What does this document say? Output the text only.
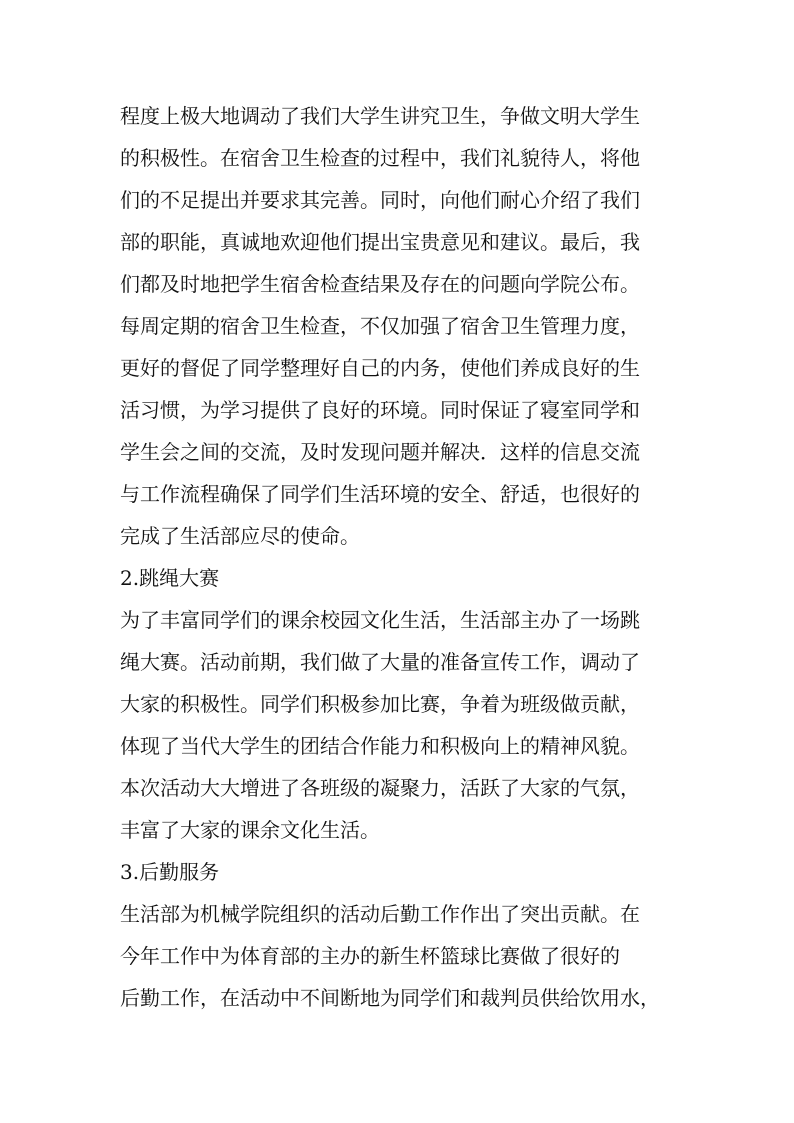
程度上极大地调动了我们大学生讲究卫生，争做文明大学生
的积极性。在宿舍卫生检查的过程中，我们礼貌待人，将他
们的不足提出并要求其完善。同时，向他们耐心介绍了我们
部的职能，真诚地欢迎他们提出宝贵意见和建议。最后，我
们都及时地把学生宿舍检查结果及存在的问题向学院公布。
每周定期的宿舍卫生检查，不仅加强了宿舍卫生管理力度，
更好的督促了同学整理好自己的内务，使他们养成良好的生
活习惯，为学习提供了良好的环境。同时保证了寝室同学和
学生会之间的交流，及时发现问题并解决．这样的信息交流
与工作流程确保了同学们生活环境的安全、舒适，也很好的
完成了生活部应尽的使命。
2.跳绳大赛
为了丰富同学们的课余校园文化生活，生活部主办了一场跳
绳大赛。活动前期，我们做了大量的准备宣传工作，调动了
大家的积极性。同学们积极参加比赛，争着为班级做贡献，
体现了当代大学生的团结合作能力和积极向上的精神风貌。
本次活动大大增进了各班级的凝聚力，活跃了大家的气氛，
丰富了大家的课余文化生活。
3.后勤服务
生活部为机械学院组织的活动后勤工作作出了突出贡献。在
今年工作中为体育部的主办的新生杯篮球比赛做了很好的
后勤工作，在活动中不间断地为同学们和裁判员供给饮用水，
